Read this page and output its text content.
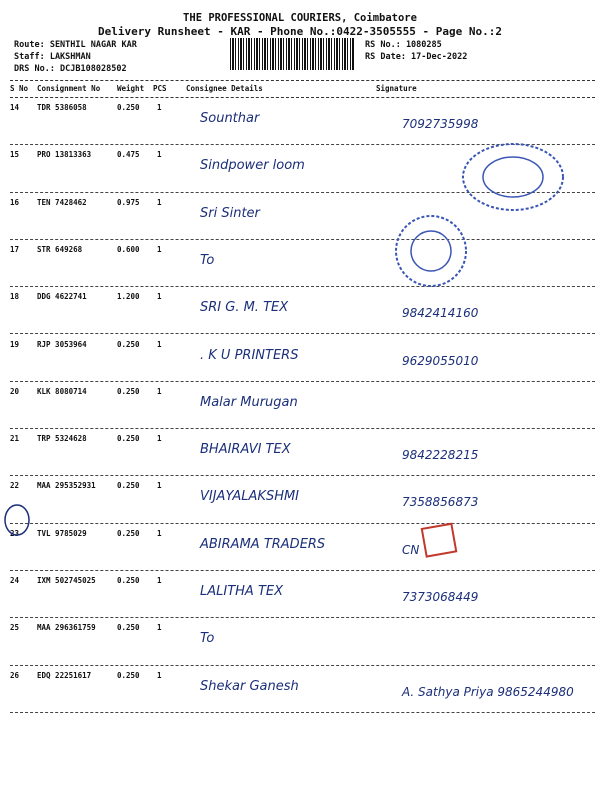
THE PROFESSIONAL COURIERS, Coimbatore
Delivery Runsheet - KAR - Phone No.:0422-3505555 - Page No.:2
Route: SENTHIL NAGAR KAR
Staff: LAKSHMAN
DRS No.: DCJB108028502
RS No.: 1080285
RS Date: 17-Dec-2022
S No Consignment No Weight PCS	Consignee Details	Signature
14 TDR 5386058	0.250 1
Sounthar	7092735998
15 PRO 13813363	0.475 1
Sindpower loom
16 TEN 7428462	0.975 1
Sri Sinter
17 STR 649268	0.600 1
To
18 DDG 4622741	1.200 1
SRI G. M. TEX	9842414160
19 RJP 3053964	0.250 1
. K U PRINTERS	9629055010
20 KLK 8080714	0.250 1
Malar Murugan
21 TRP 5324628	0.250 1
BHAIRAVI TEX	9842228215
22 MAA 295352931	0.250 1
VIJAYALAKSHMI	7358856873
23 TVL 9785029	0.250 1
ABIRAMA TRADERS	CN
24 IXM 502745025	0.250 1
LALITHA TEX	7373068449
25 MAA 296361759	0.250 1
To
26 EDQ 22251617	0.250 1
Shekar Ganesh	A. Sathya Priya 9865244980
